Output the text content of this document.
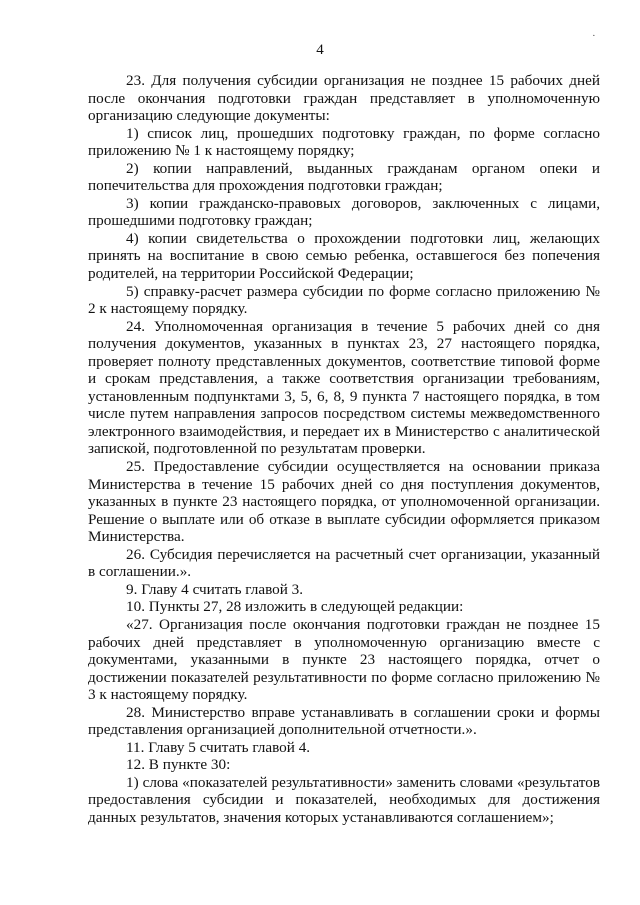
4
·

23. Для получения субсидии организация не позднее 15 рабочих дней после окончания подготовки граждан представляет в уполномоченную организацию следующие документы:

1) список лиц, прошедших подготовку граждан, по форме согласно приложению № 1 к настоящему порядку;

2) копии направлений, выданных гражданам органом опеки и попечительства для прохождения подготовки граждан;

3) копии гражданско-правовых договоров, заключенных с лицами, прошедшими подготовку граждан;

4) копии свидетельства о прохождении подготовки лиц, желающих принять на воспитание в свою семью ребенка, оставшегося без попечения родителей, на территории Российской Федерации;

5) справку-расчет размера субсидии по форме согласно приложению № 2 к настоящему порядку.

24. Уполномоченная организация в течение 5 рабочих дней со дня получения документов, указанных в пунктах 23, 27 настоящего порядка, проверяет полноту представленных документов, соответствие типовой форме и срокам представления, а также соответствия организации требованиям, установленным подпунктами 3, 5, 6, 8, 9 пункта 7 настоящего порядка, в том числе путем направления запросов посредством системы межведомственного электронного взаимодействия, и передает их в Министерство с аналитической запиской, подготовленной по результатам проверки.

25. Предоставление субсидии осуществляется на основании приказа Министерства в течение 15 рабочих дней со дня поступления документов, указанных в пункте 23 настоящего порядка, от уполномоченной организации. Решение о выплате или об отказе в выплате субсидии оформляется приказом Министерства.

26. Субсидия перечисляется на расчетный счет организации, указанный в соглашении.».

9. Главу 4 считать главой 3.

10. Пункты 27, 28 изложить в следующей редакции:

«27. Организация после окончания подготовки граждан не позднее 15 рабочих дней представляет в уполномоченную организацию вместе с документами, указанными в пункте 23 настоящего порядка, отчет о достижении показателей результативности по форме согласно приложению № 3 к настоящему порядку.

28. Министерство вправе устанавливать в соглашении сроки и формы представления организацией дополнительной отчетности.».

11. Главу 5 считать главой 4.

12. В пункте 30:

1) слова «показателей результативности» заменить словами «результатов предоставления субсидии и показателей, необходимых для достижения данных результатов, значения которых устанавливаются соглашением»;
